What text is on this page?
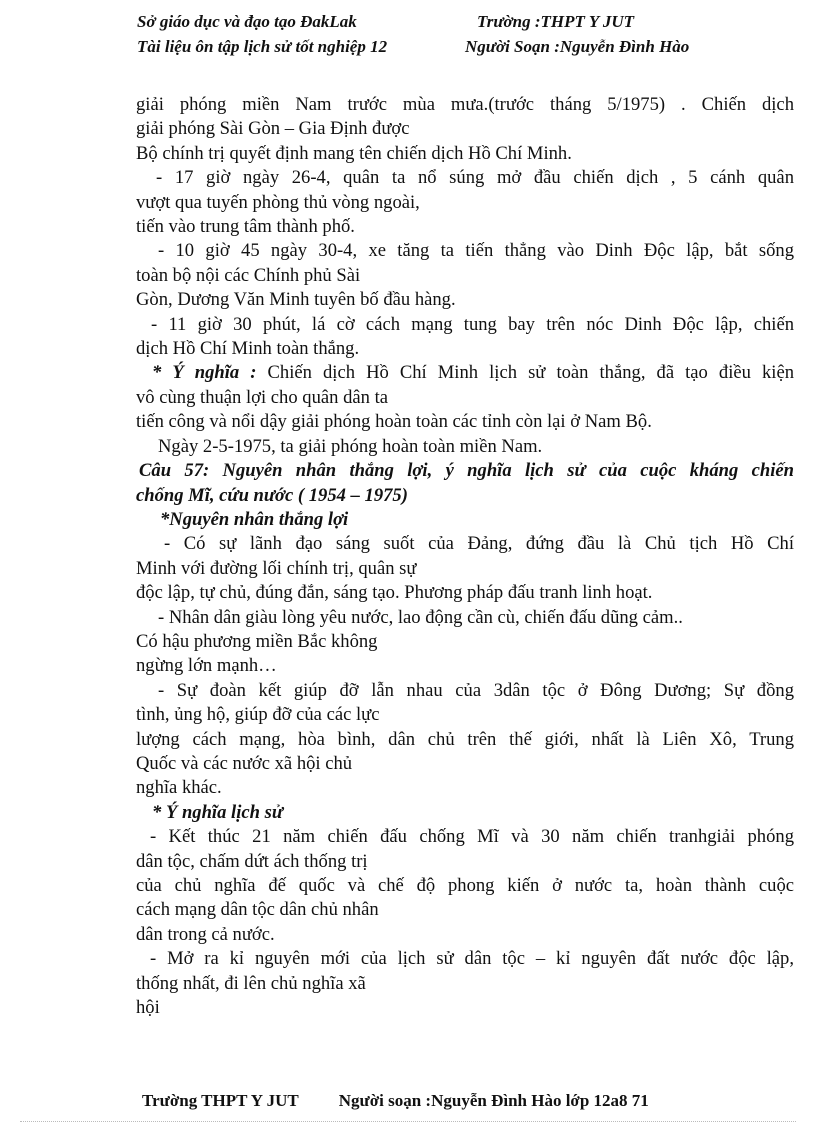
Sở giáo dục và đạo tạo ĐakLak	Trường :THPT Y JUT
Tài liệu ôn tập lịch sử tốt nghiệp 12	Người Soạn :Nguyễn Đình Hào

giải phóng miền Nam trước mùa mưa.(trước tháng 5/1975) . Chiến dịch

giải phóng Sài Gòn – Gia Định được

Bộ chính trị quyết định mang tên chiến dịch Hồ Chí Minh.

- 17 giờ ngày 26-4, quân ta nổ súng mở đầu chiến dịch , 5 cánh quân

vượt qua tuyến phòng thủ vòng ngoài,

tiến vào trung tâm thành phố.

- 10 giờ 45 ngày 30-4, xe tăng ta tiến thẳng vào Dinh Độc lập, bắt sống

toàn bộ nội các Chính phủ Sài

Gòn, Dương Văn Minh tuyên bố đầu hàng.

- 11 giờ 30 phút, lá cờ cách mạng tung bay trên nóc Dinh Độc lập, chiến

dịch Hồ Chí Minh toàn thắng.

* Ý nghĩa : Chiến dịch Hồ Chí Minh lịch sử toàn thắng, đã tạo điều kiện

vô cùng thuận lợi cho quân dân ta

tiến công và nổi dậy giải phóng hoàn toàn các tỉnh còn lại ở Nam Bộ.

Ngày 2-5-1975, ta giải phóng hoàn toàn miền Nam.

Câu 57: Nguyên nhân thắng lợi, ý nghĩa lịch sử của cuộc kháng chiến

chống Mĩ, cứu nước ( 1954 – 1975)

*Nguyên nhân thắng lợi

- Có sự lãnh đạo sáng suốt của Đảng, đứng đầu là Chủ tịch Hồ Chí

Minh với đường lối chính trị, quân sự

độc lập, tự chủ, đúng đắn, sáng tạo. Phương pháp đấu tranh linh hoạt.

- Nhân dân giàu lòng yêu nước, lao động cần cù, chiến đấu dũng cảm..

Có hậu phương miền Bắc không

ngừng lớn mạnh…

- Sự đoàn kết giúp đỡ lẫn nhau của 3dân tộc ở Đông Dương; Sự đồng

tình, ủng hộ, giúp đỡ của các lực

lượng cách mạng, hòa bình, dân chủ trên thế giới, nhất là Liên Xô, Trung

Quốc và các nước xã hội chủ

nghĩa khác.

* Ý nghĩa lịch sử

- Kết thúc 21 năm chiến đấu chống Mĩ và 30 năm chiến tranhgiải phóng

dân tộc, chấm dứt ách thống trị

của chủ nghĩa đế quốc và chế độ phong kiến ở nước ta, hoàn thành cuộc

cách mạng dân tộc dân chủ nhân

dân trong cả nước.

- Mở ra kỉ nguyên mới của lịch sử dân tộc – kỉ nguyên đất nước độc lập,

thống nhất, đi lên chủ nghĩa xã

hội

Trường THPT Y JUT Người soạn :Nguyễn Đình Hào lớp 12a8 71
